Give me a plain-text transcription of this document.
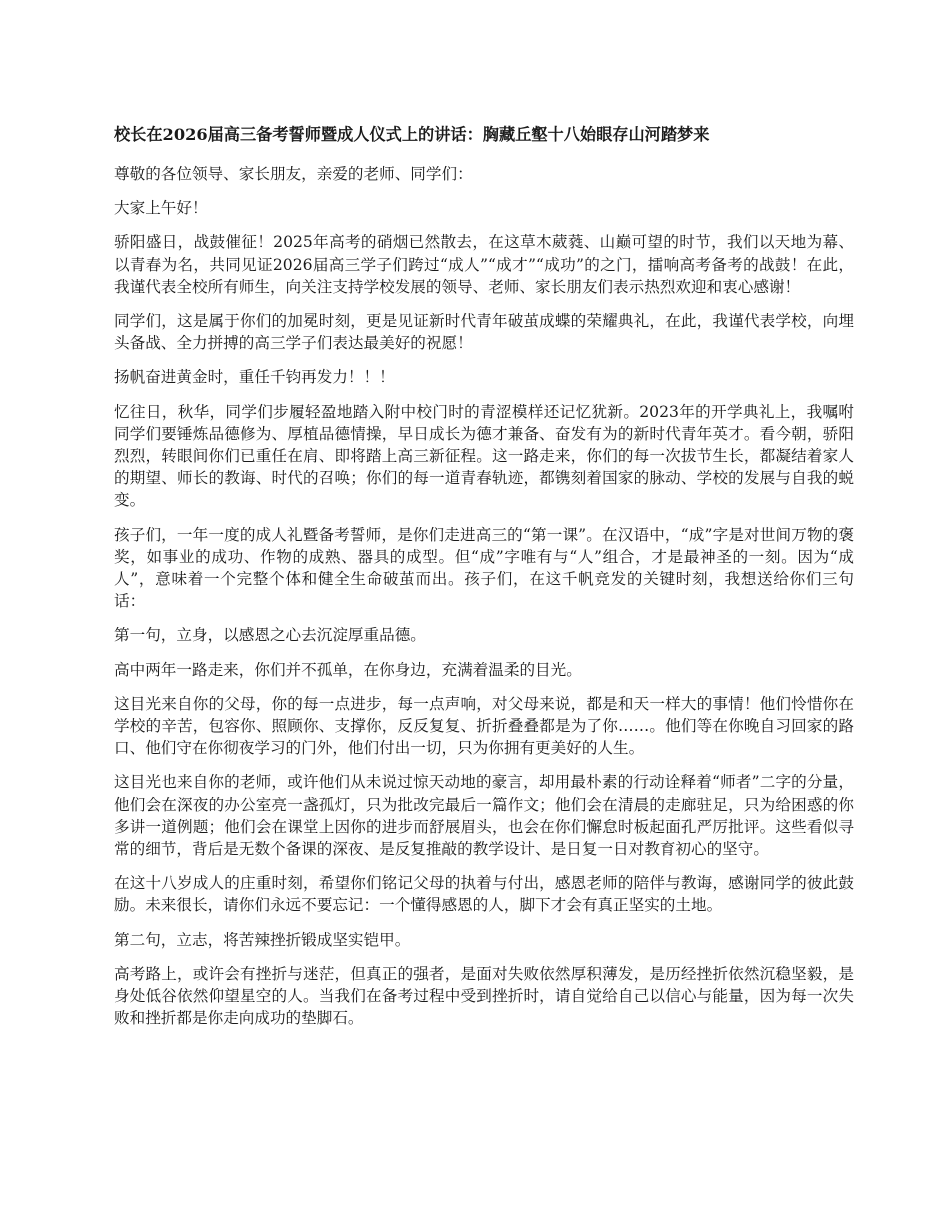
校长在2026届高三备考誓师暨成人仪式上的讲话：胸藏丘壑十八始眼存山河踏梦来

尊敬的各位领导、家长朋友，亲爱的老师、同学们：

大家上午好！

骄阳盛日，战鼓催征！2025年高考的硝烟已然散去，在这草木葳蕤、山巅可望的时节，我们以天地为幕、以青春为名，共同见证2026届高三学子们跨过“成人”“成才”“成功”的之门，擂响高考备考的战鼓！在此，我谨代表全校所有师生，向关注支持学校发展的领导、老师、家长朋友们表示热烈欢迎和衷心感谢！

同学们，这是属于你们的加冕时刻，更是见证新时代青年破茧成蝶的荣耀典礼，在此，我谨代表学校，向埋头备战、全力拼搏的高三学子们表达最美好的祝愿！

扬帆奋进黄金时，重任千钧再发力！！！

忆往日，秋华，同学们步履轻盈地踏入附中校门时的青涩模样还记忆犹新。2023年的开学典礼上，我嘱咐同学们要锤炼品德修为、厚植品德情操，早日成长为德才兼备、奋发有为的新时代青年英才。看今朝，骄阳烈烈，转眼间你们已重任在肩、即将踏上高三新征程。这一路走来，你们的每一次拔节生长，都凝结着家人的期望、师长的教诲、时代的召唤；你们的每一道青春轨迹，都镌刻着国家的脉动、学校的发展与自我的蜕变。

孩子们，一年一度的成人礼暨备考誓师，是你们走进高三的“第一课”。在汉语中，“成”字是对世间万物的褒奖，如事业的成功、作物的成熟、器具的成型。但“成”字唯有与“人”组合，才是最神圣的一刻。因为“成人”，意味着一个完整个体和健全生命破茧而出。孩子们，在这千帆竞发的关键时刻，我想送给你们三句话：

第一句，立身，以感恩之心去沉淀厚重品德。

高中两年一路走来，你们并不孤单，在你身边，充满着温柔的目光。

这目光来自你的父母，你的每一点进步，每一点声响，对父母来说，都是和天一样大的事情！他们怜惜你在学校的辛苦，包容你、照顾你、支撑你，反反复复、折折叠叠都是为了你……。他们等在你晚自习回家的路口、他们守在你彻夜学习的门外，他们付出一切，只为你拥有更美好的人生。

这目光也来自你的老师，或许他们从未说过惊天动地的豪言，却用最朴素的行动诠释着“师者”二字的分量，他们会在深夜的办公室亮一盏孤灯，只为批改完最后一篇作文；他们会在清晨的走廊驻足，只为给困惑的你多讲一道例题；他们会在课堂上因你的进步而舒展眉头，也会在你们懈怠时板起面孔严厉批评。这些看似寻常的细节，背后是无数个备课的深夜、是反复推敲的教学设计、是日复一日对教育初心的坚守。

在这十八岁成人的庄重时刻，希望你们铭记父母的执着与付出，感恩老师的陪伴与教诲，感谢同学的彼此鼓励。未来很长，请你们永远不要忘记：一个懂得感恩的人，脚下才会有真正坚实的土地。

第二句，立志，将苦辣挫折锻成坚实铠甲。

高考路上，或许会有挫折与迷茫，但真正的强者，是面对失败依然厚积薄发，是历经挫折依然沉稳坚毅，是身处低谷依然仰望星空的人。当我们在备考过程中受到挫折时，请自觉给自己以信心与能量，因为每一次失败和挫折都是你走向成功的垫脚石。
